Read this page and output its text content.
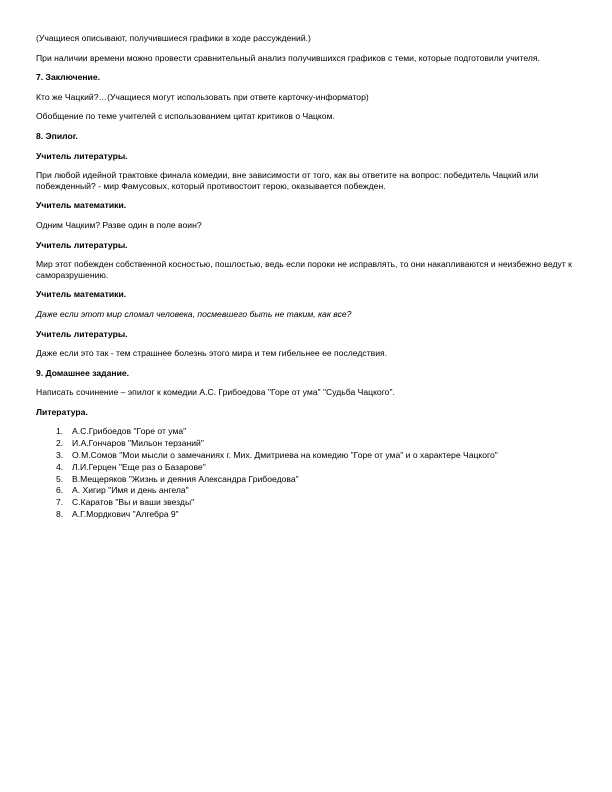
(Учащиеся описывают, получившиеся графики в ходе рассуждений.)

При наличии времени можно провести сравнительный анализ получившихся графиков с теми, которые подготовили учителя.

7. Заключение.

Кто же Чацкий?…(Учащиеся могут использовать при ответе карточку-информатор)

Обобщение по теме учителей с использованием цитат критиков о Чацком.

8. Эпилог.

Учитель литературы.

При любой идейной трактовке финала комедии, вне зависимости от того, как вы ответите на вопрос: победитель Чацкий или побежденный? - мир Фамусовых, который противостоит герою, оказывается побежден.

Учитель математики.

Одним Чацким? Разве один в поле воин?

Учитель литературы.

Мир этот побежден собственной косностью, пошлостью, ведь если пороки не исправлять, то они накапливаются и неизбежно ведут к саморазрушению.

Учитель математики.

Даже если этот мир сломал человека, посмевшего быть не таким, как все?

Учитель литературы.

Даже если это так - тем страшнее болезнь этого мира и тем гибельнее ее последствия.

9. Домашнее задание.

Написать сочинение – эпилог к комедии А.С. Грибоедова "Горе от ума" "Судьба Чацкого".

Литература.

1. А.С.Грибоедов "Горе от ума"
2. И.А.Гончаров "Мильон терзаний"
3. О.М.Сомов "Мои мысли о замечаниях г. Мих. Дмитриева на комедию "Горе от ума" и о характере Чацкого"
4. Л.И.Герцен "Еще раз о Базарове"
5. В.Мещеряков "Жизнь и деяния Александра Грибоедова"
6. А. Хигир "Имя и день ангела"
7. С.Каратов "Вы и ваши звезды"
8. А.Г.Мордкович "Алгебра 9"
